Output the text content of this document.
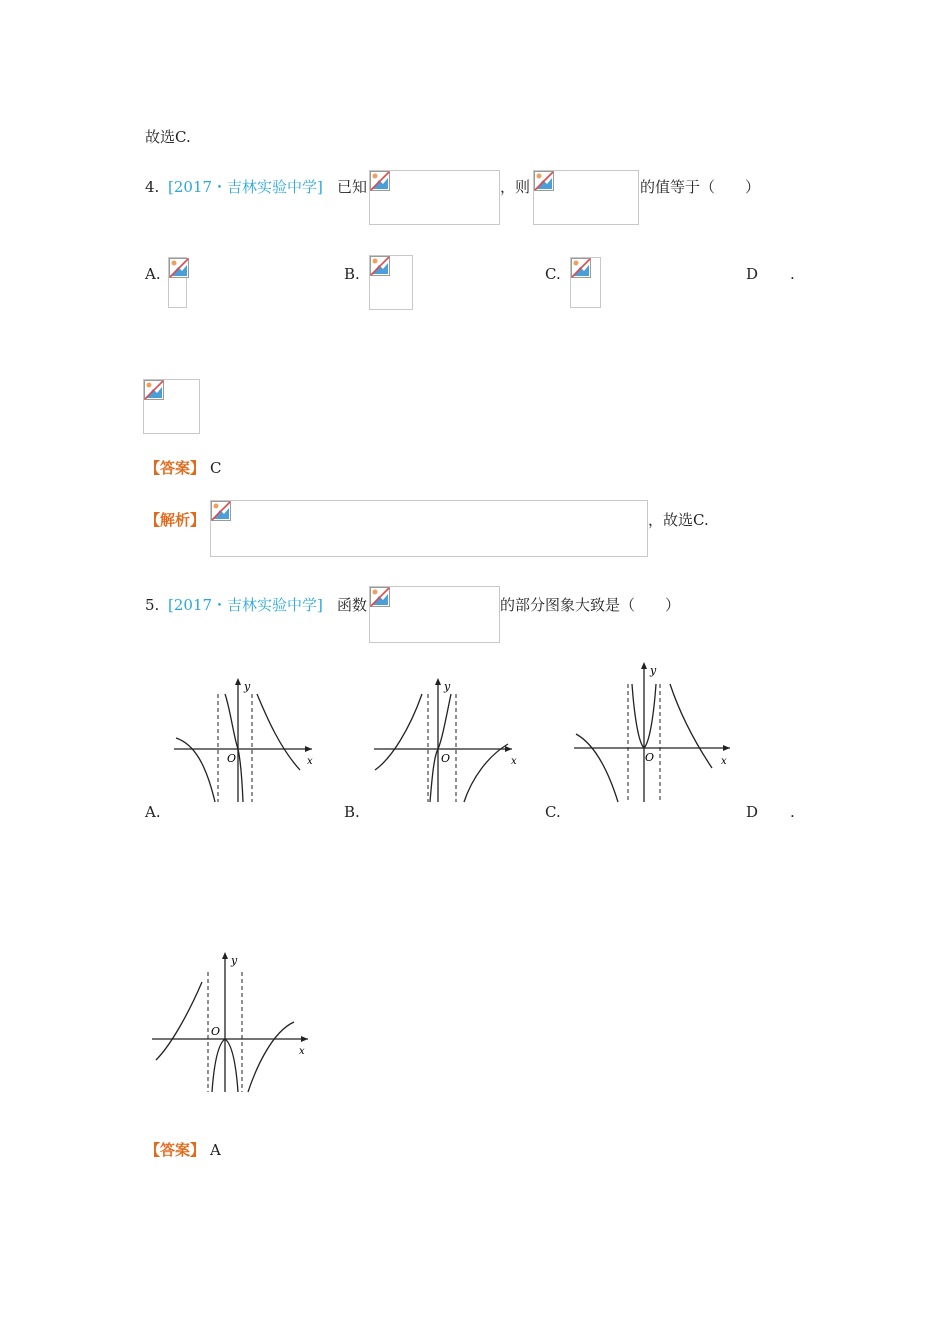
故选C.
4. [2017・吉林实验中学] 已知	，则	的值等于（　　）
A.	B.	C.	D .
【答案】 C
【解析】	，故选C.
5. [2017・吉林实验中学] 函数	的部分图象大致是（　　）
y
x
O
A.
y
x
O
B.
y
x
O
C.	D .
y
x
O
【答案】 A
